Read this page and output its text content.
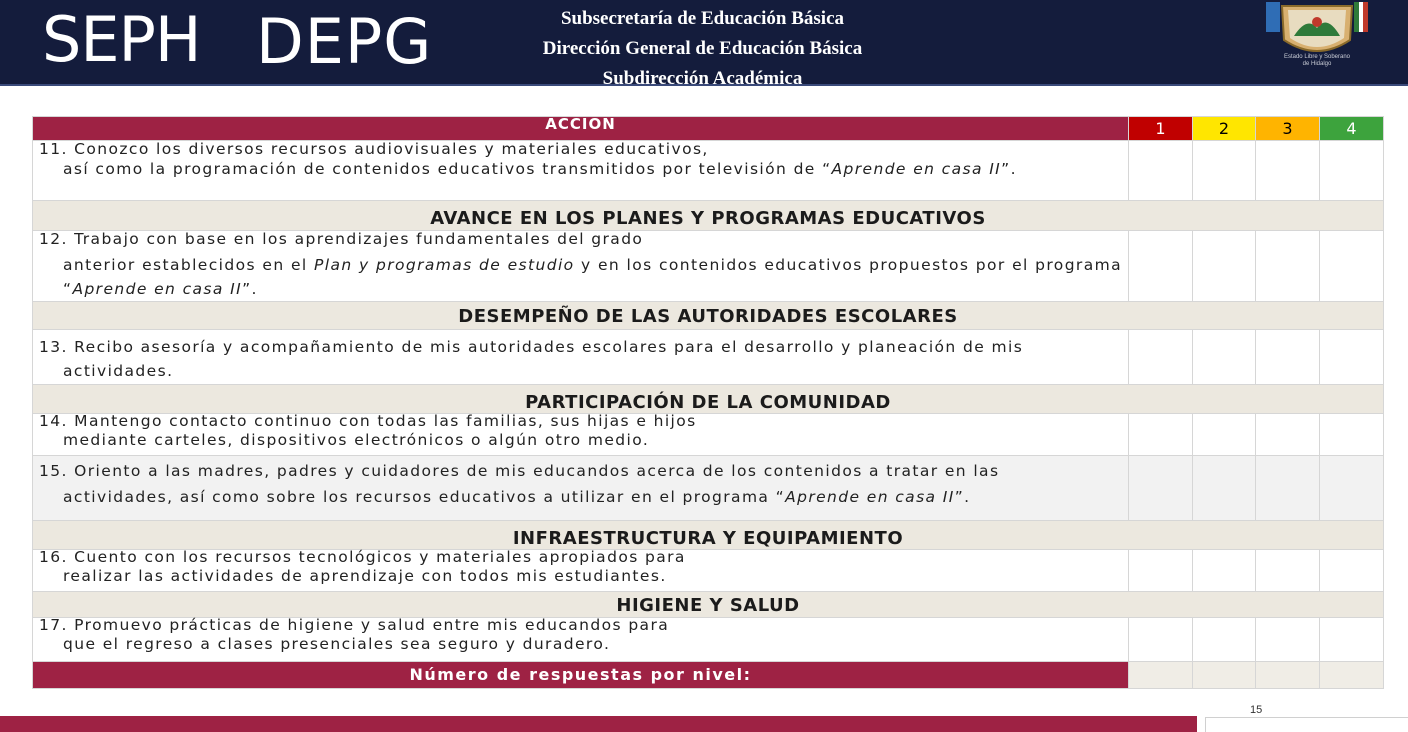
SEPH DEPG	Subsecretaría de Educación Básica
Dirección General de Educación Básica
Subdirección Académica
Estado Libre y Soberano
de Hidalgo
ACCION	1	2	3	4

11. Conozco los diversos recursos audiovisuales y materiales educativos,
así como la programación de contenidos educativos transmitidos por televisión de “Aprende en casa II”.				

AVANCE EN LOS PLANES Y PROGRAMAS EDUCATIVOS				

12. Trabajo con base en los aprendizajes fundamentales del grado
anterior establecidos en el Plan y programas de estudio y en los contenidos educativos propuestos por el programa “Aprende en casa II”.				

DESEMPEÑO DE LAS AUTORIDADES ESCOLARES				

13. Recibo asesoría y acompañamiento de mis autoridades escolares para el desarrollo y planeación de mis
actividades.				

PARTICIPACIÓN DE LA COMUNIDAD				

14. Mantengo contacto continuo con todas las familias, sus hijas e hijos
mediante carteles, dispositivos electrónicos o algún otro medio.				

15. Oriento a las madres, padres y cuidadores de mis educandos acerca de los contenidos a tratar en las
actividades, así como sobre los recursos educativos a utilizar en el programa “Aprende en casa II”.				

INFRAESTRUCTURA Y EQUIPAMIENTO				

16. Cuento con los recursos tecnológicos y materiales apropiados para
realizar las actividades de aprendizaje con todos mis estudiantes.				

HIGIENE Y SALUD				

17. Promuevo prácticas de higiene y salud entre mis educandos para
que el regreso a clases presenciales sea seguro y duradero.				

Número de respuestas por nivel:				
15
